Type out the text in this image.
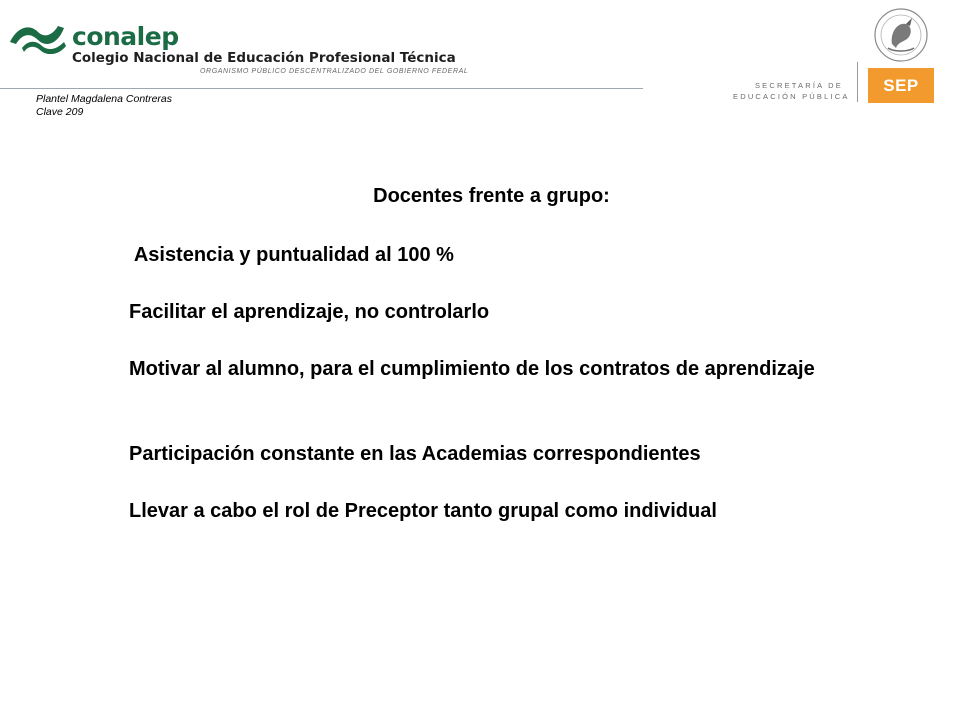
conalep

Colegio Nacional de Educación Profesional Técnica

ORGANISMO PÚBLICO DESCENTRALIZADO DEL GOBIERNO FEDERAL

Plantel Magdalena Contreras
Clave 209
SECRETARÍA DE
EDUCACIÓN PÚBLICA
SEP
Docentes frente a grupo:

Asistencia y puntualidad al 100 %

Facilitar el aprendizaje, no controlarlo

Motivar al alumno, para el cumplimiento de los contratos de aprendizaje

Participación constante en las Academias correspondientes

Llevar a cabo el rol de Preceptor tanto grupal como individual
